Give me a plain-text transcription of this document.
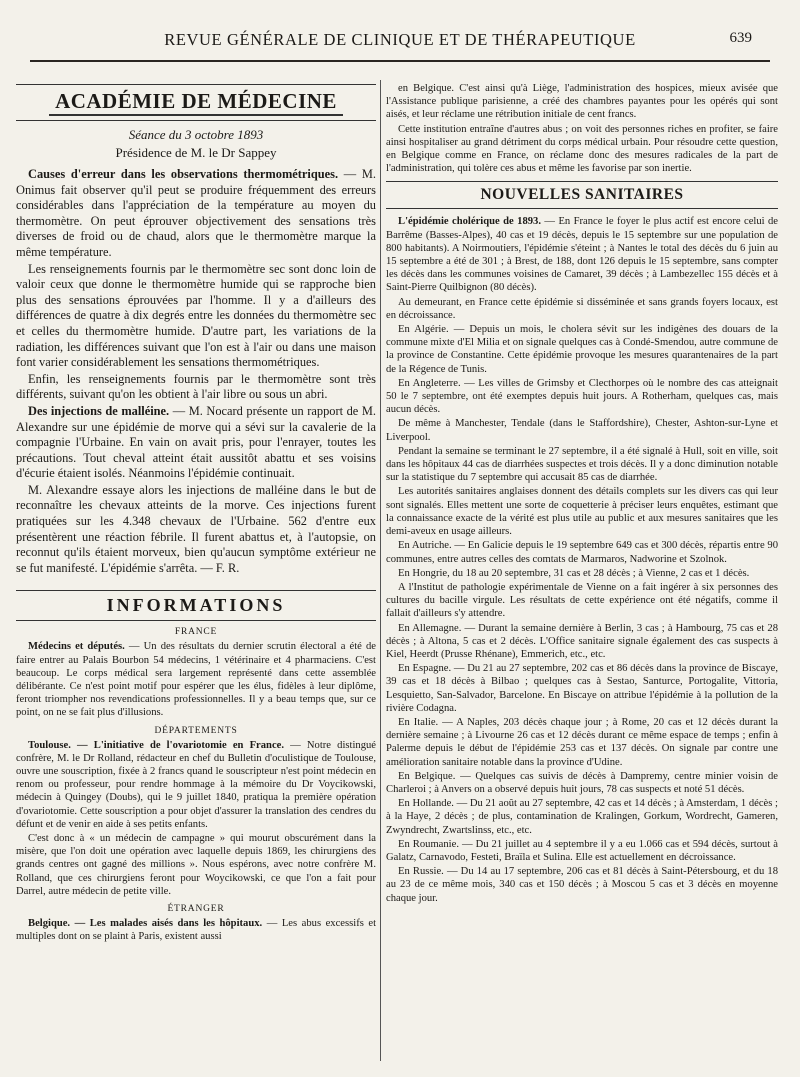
REVUE GÉNÉRALE DE CLINIQUE ET DE THÉRAPEUTIQUE	639
ACADÉMIE DE MÉDECINE
Séance du 3 octobre 1893
Présidence de M. le Dr Sappey

Causes d'erreur dans les observations thermométriques. — M. Onimus fait observer qu'il peut se produire fréquemment des erreurs considérables dans l'appréciation de la température au moyen du thermomètre. On peut éprouver objectivement des sensations très diverses de froid ou de chaud, alors que le thermomètre marque la même température.

Les renseignements fournis par le thermomètre sec sont donc loin de valoir ceux que donne le thermomètre humide qui se rapproche bien plus des sensations éprouvées par l'homme. Il y a d'ailleurs des différences de quatre à dix degrés entre les données du thermomètre sec et celles du thermomètre humide. D'autre part, les variations de la radiation, les différences suivant que l'on est à l'air ou dans une maison font varier considérablement les sensations thermométriques.

Enfin, les renseignements fournis par le thermomètre sont très différents, suivant qu'on les obtient à l'air libre ou sous un abri.

Des injections de malléine. — M. Nocard présente un rapport de M. Alexandre sur une épidémie de morve qui a sévi sur la cavalerie de la compagnie l'Urbaine. En vain on avait pris, pour l'enrayer, toutes les précautions. Tout cheval atteint était aussitôt abattu et ses voisins d'écurie étaient isolés. Néanmoins l'épidémie continuait.

M. Alexandre essaye alors les injections de malléine dans le but de reconnaître les chevaux atteints de la morve. Ces injections furent pratiquées sur les 4.348 chevaux de l'Urbaine. 562 d'entre eux présentèrent une réaction fébrile. Il furent abattus et, à l'autopsie, on reconnut qu'ils étaient morveux, bien qu'aucun symptôme extérieur ne se fut manifesté. L'épidémie s'arrêta. — F. R.

INFORMATIONS
FRANCE

Médecins et députés. — Un des résultats du dernier scrutin électoral a été de faire entrer au Palais Bourbon 54 médecins, 1 vétérinaire et 4 pharmaciens. C'est beaucoup. Le corps médical sera largement représenté dans cette assemblée délibérante. Ce n'est point motif pour espérer que les élus, fidèles à leur diplôme, feront triompher nos revendications professionnelles. Il y a beau temps que, sur ce point, on ne se fait plus d'illusions.

DÉPARTEMENTS

Toulouse. — L'initiative de l'ovariotomie en France. — Notre distingué confrère, M. le Dr Rolland, rédacteur en chef du Bulletin d'oculistique de Toulouse, ouvre une souscription, fixée à 2 francs quand le souscripteur n'est point médecin en renom ou professeur, pour rendre hommage à la mémoire du Dr Voycikowski, médecin à Quingey (Doubs), qui le 9 juillet 1840, pratiqua la première opération d'ovariotomie. Cette souscription a pour objet d'assurer la translation des cendres du défunt et de venir en aide à ses petits enfants.

C'est donc à « un médecin de campagne » qui mourut obscurément dans la misère, que l'on doit une opération avec laquelle depuis 1869, les chirurgiens des grands centres ont gagné des millions ». Nous espérons, avec notre confrère M. Rolland, que ces chirurgiens feront pour Woycikowski, ce que l'on a fait pour Darrel, autre médecin de petite ville.

ÉTRANGER

Belgique. — Les malades aisés dans les hôpitaux. — Les abus excessifs et multiples dont on se plaint à Paris, existent aussi

en Belgique. C'est ainsi qu'à Liège, l'administration des hospices, mieux avisée que l'Assistance publique parisienne, a créé des chambres payantes pour les opérés qui sont aisés, et leur réclame une rétribution initiale de cent francs.

Cette institution entraîne d'autres abus ; on voit des personnes riches en profiter, se faire ainsi hospitaliser au grand détriment du corps médical urbain. Pour résoudre cette question, en Belgique comme en France, on réclame donc des mesures radicales de la part de l'administration, qui tolère ces abus et même les favorise par son inertie.

NOUVELLES SANITAIRES

L'épidémie cholérique de 1893. — En France le foyer le plus actif est encore celui de Barrême (Basses-Alpes), 40 cas et 19 décès, depuis le 15 septembre sur une population de 800 habitants). A Noirmoutiers, l'épidémie s'éteint ; à Nantes le total des décès du 6 juin au 15 septembre a été de 301 ; à Brest, de 188, dont 126 depuis le 15 septembre, sans compter les décès dans les communes voisines de Camaret, 39 décès ; à Lambezellec 155 décès et à Saint-Pierre Quilbignon (80 décès).

Au demeurant, en France cette épidémie si disséminée et sans grands foyers locaux, est en décroissance.

En Algérie. — Depuis un mois, le cholera sévit sur les indigènes des douars de la commune mixte d'El Milia et on signale quelques cas à Condé-Smendou, autre commune de la province de Constantine. Cette épidémie provoque les mesures quarantenaires de la part de la Régence de Tunis.

En Angleterre. — Les villes de Grimsby et Clecthorpes où le nombre des cas atteignait 50 le 7 septembre, ont été exemptes depuis huit jours. A Rotherham, quelques cas, mais aucun décès.

De même à Manchester, Tendale (dans le Staffordshire), Chester, Ashton-sur-Lyne et Liverpool.

Pendant la semaine se terminant le 27 septembre, il a été signalé à Hull, soit en ville, soit dans les hôpitaux 44 cas de diarrhées suspectes et trois décès. Il y a donc diminution notable sur la statistique du 7 septembre qui accusait 85 cas de diarrhée.

Les autorités sanitaires anglaises donnent des détails complets sur les divers cas qui leur sont signalés. Elles mettent une sorte de coquetterie à préciser leurs enquêtes, estimant que la connaissance exacte de la vérité est plus utile au public et aux mesures sanitaires que les demi-aveux en usage ailleurs.

En Autriche. — En Galicie depuis le 19 septembre 649 cas et 300 décès, répartis entre 90 communes, entre autres celles des comtats de Marmaros, Nadworine et Szolnok.

En Hongrie, du 18 au 20 septembre, 31 cas et 28 décès ; à Vienne, 2 cas et 1 décès.

A l'Institut de pathologie expérimentale de Vienne on a fait ingérer à six personnes des cultures du bacille virgule. Les résultats de cette expérience ont été négatifs, comme il fallait d'ailleurs s'y attendre.

En Allemagne. — Durant la semaine dernière à Berlin, 3 cas ; à Hambourg, 75 cas et 28 décès ; à Altona, 5 cas et 2 décès. L'Office sanitaire signale également des cas suspects à Kiel, Heerdt (Prusse Rhénane), Emmerich, etc., etc.

En Espagne. — Du 21 au 27 septembre, 202 cas et 86 décès dans la province de Biscaye, 39 cas et 18 décès à Bilbao ; quelques cas à Sestao, Santurce, Portogalite, Vittoria, Lesquietto, San-Salvador, Barcelone. En Biscaye on attribue l'épidémie à la pollution de la rivière Codagna.

En Italie. — A Naples, 203 décès chaque jour ; à Rome, 20 cas et 12 décès durant la dernière semaine ; à Livourne 26 cas et 12 décès durant ce même espace de temps ; enfin à Palerme depuis le début de l'épidémie 253 cas et 137 décès. On signale par contre une amélioration sanitaire notable dans la province d'Udine.

En Belgique. — Quelques cas suivis de décès à Dampremy, centre minier voisin de Charleroi ; à Anvers on a observé depuis huit jours, 78 cas suspects et noté 51 décès.

En Hollande. — Du 21 août au 27 septembre, 42 cas et 14 décès ; à Amsterdam, 1 décès ; à la Haye, 2 décès ; de plus, contamination de Kralingen, Gorkum, Wordrecht, Gameren, Zwyndrecht, Zwartslinss, etc., etc.

En Roumanie. — Du 21 juillet au 4 septembre il y a eu 1.066 cas et 594 décès, surtout à Galatz, Carnavodo, Festeti, Braïla et Sulina. Elle est actuellement en décroissance.

En Russie. — Du 14 au 17 septembre, 206 cas et 81 décès à Saint-Pétersbourg, et du 18 au 23 de ce même mois, 340 cas et 150 décès ; à Moscou 5 cas et 3 décès en moyenne chaque jour.
